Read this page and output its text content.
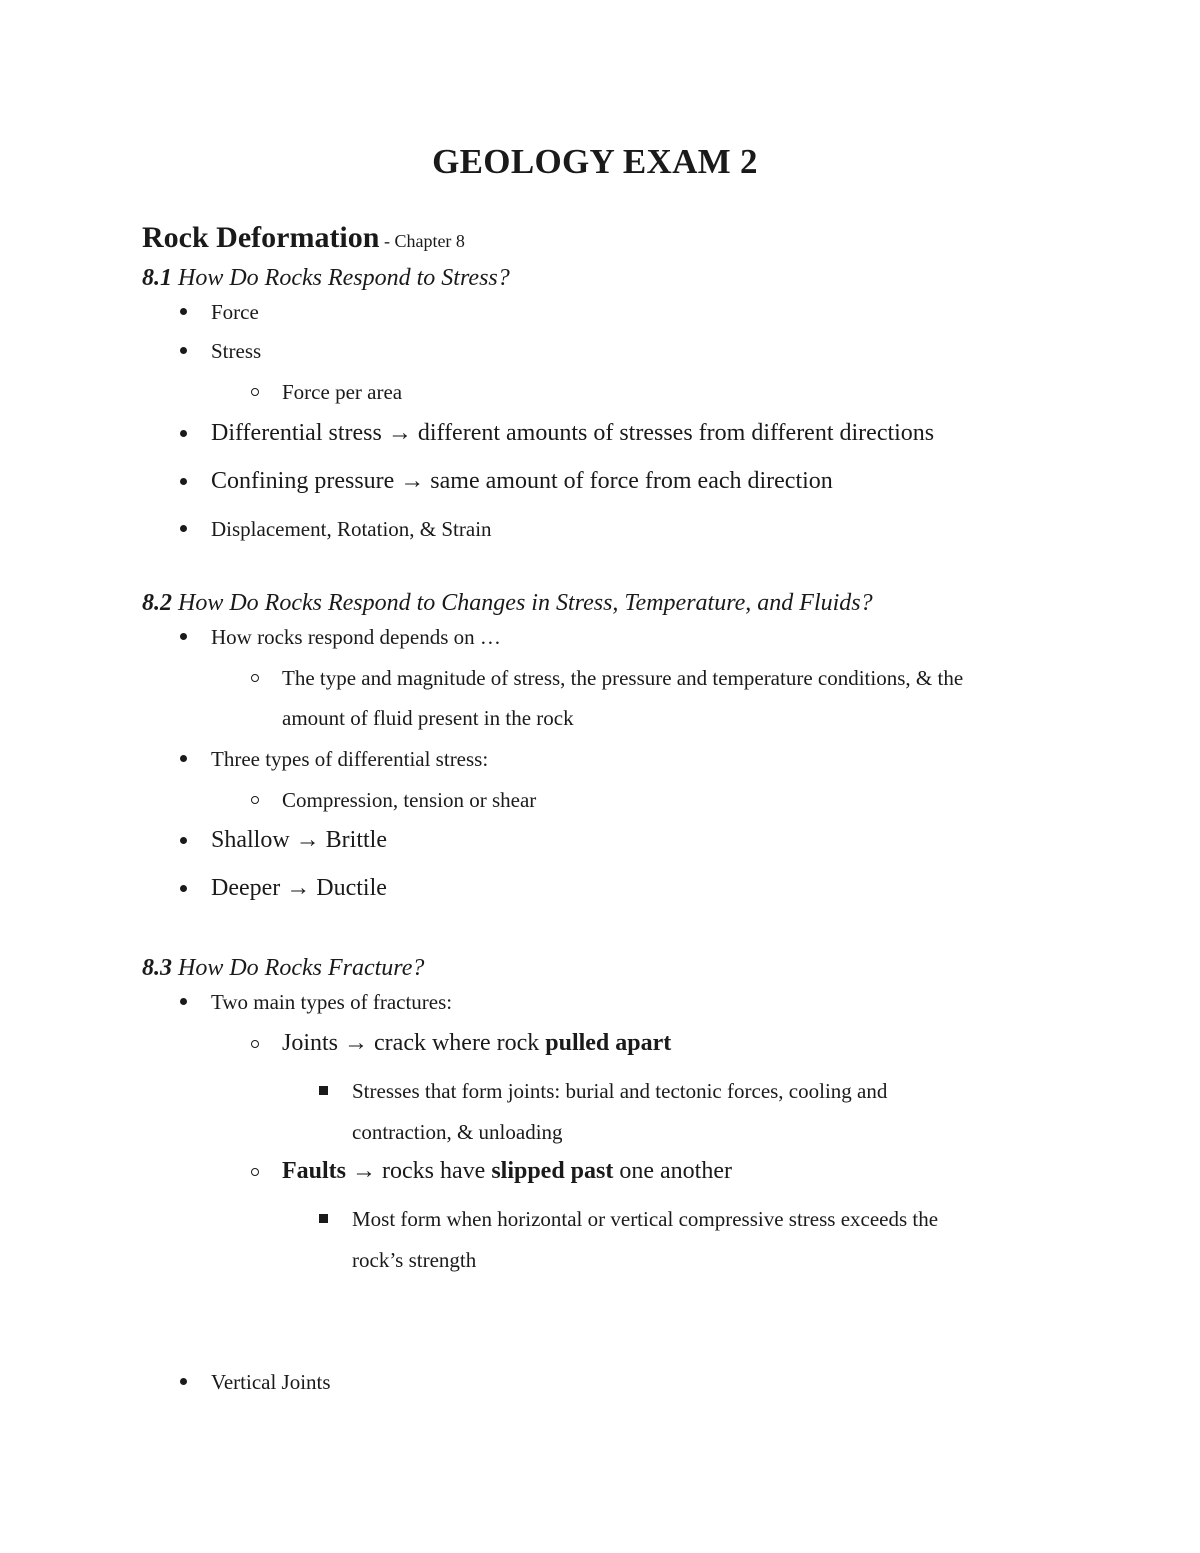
GEOLOGY EXAM 2
Rock Deformation - Chapter 8
8.1 How Do Rocks Respond to Stress?
Force
Stress
Force per area
Differential stress → different amounts of stresses from different directions
Confining pressure → same amount of force from each direction
Displacement, Rotation, & Strain
8.2 How Do Rocks Respond to Changes in Stress, Temperature, and Fluids?
How rocks respond depends on …
The type and magnitude of stress, the pressure and temperature conditions, & the
amount of fluid present in the rock
Three types of differential stress:
Compression, tension or shear
Shallow → Brittle
Deeper → Ductile
8.3 How Do Rocks Fracture?
Two main types of fractures:
Joints → crack where rock pulled apart
Stresses that form joints: burial and tectonic forces, cooling and
contraction, & unloading
Faults → rocks have slipped past one another
Most form when horizontal or vertical compressive stress exceeds the
rock’s strength
Vertical Joints
